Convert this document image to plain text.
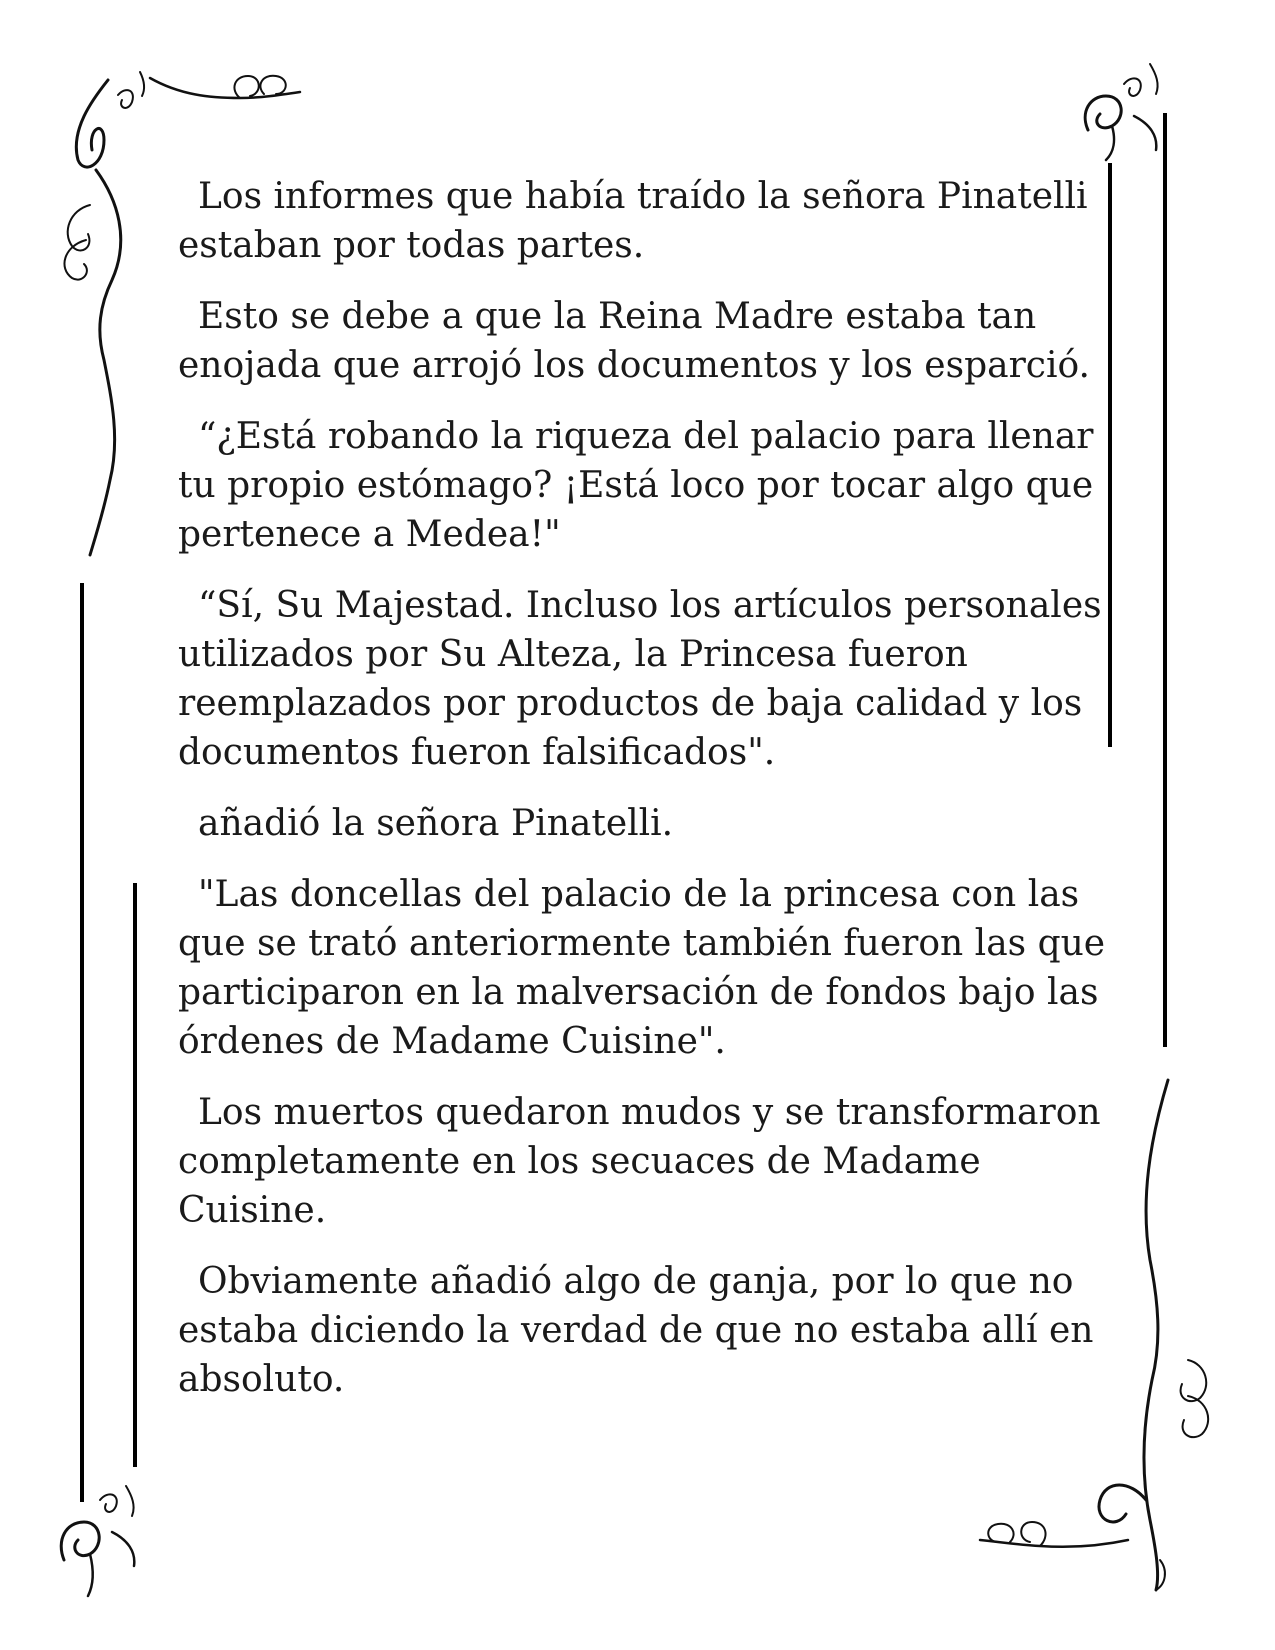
Los informes que había traído la señora Pinatelli estaban por todas partes.

Esto se debe a que la Reina Madre estaba tan enojada que arrojó los documentos y los esparció.

“¿Está robando la riqueza del palacio para llenar tu propio estómago? ¡Está loco por tocar algo que pertenece a Medea!"

“Sí, Su Majestad. Incluso los artículos personales utilizados por Su Alteza, la Princesa fueron reemplazados por productos de baja calidad y los documentos fueron falsificados".

añadió la señora Pinatelli.

"Las doncellas del palacio de la princesa con las que se trató anteriormente también fueron las que participaron en la malversación de fondos bajo las órdenes de Madame Cuisine".

Los muertos quedaron mudos y se transformaron completamente en los secuaces de Madame Cuisine.

Obviamente añadió algo de ganja, por lo que no estaba diciendo la verdad de que no estaba allí en absoluto.
